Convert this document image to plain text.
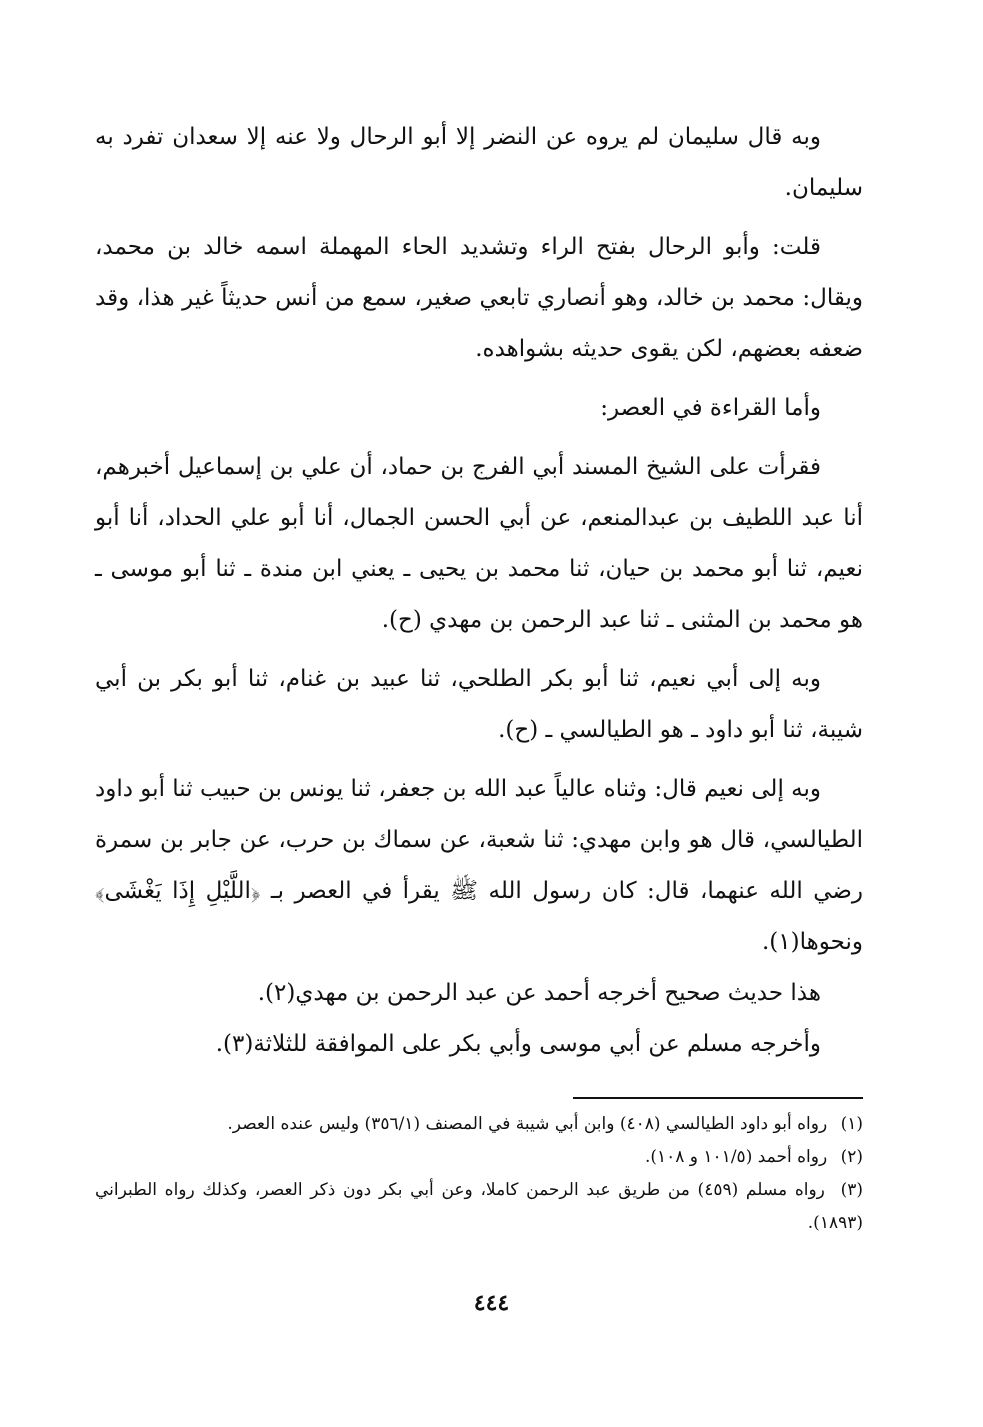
وبه قال سليمان لم يروه عن النضر إلا أبو الرحال ولا عنه إلا سعدان تفرد به سليمان.

قلت: وأبو الرحال بفتح الراء وتشديد الحاء المهملة اسمه خالد بن محمد، ويقال: محمد بن خالد، وهو أنصاري تابعي صغير، سمع من أنس حديثاً غير هذا، وقد ضعفه بعضهم، لكن يقوى حديثه بشواهده.

وأما القراءة في العصر:

فقرأت على الشيخ المسند أبي الفرج بن حماد، أن علي بن إسماعيل أخبرهم، أنا عبد اللطيف بن عبدالمنعم، عن أبي الحسن الجمال، أنا أبو علي الحداد، أنا أبو نعيم، ثنا أبو محمد بن حيان، ثنا محمد بن يحيى ـ يعني ابن مندة ـ ثنا أبو موسى ـ هو محمد بن المثنى ـ ثنا عبد الرحمن بن مهدي (ح).

وبه إلى أبي نعيم، ثنا أبو بكر الطلحي، ثنا عبيد بن غنام، ثنا أبو بكر بن أبي شيبة، ثنا أبو داود ـ هو الطيالسي ـ (ح).

وبه إلى نعيم قال: وثناه عالياً عبد الله بن جعفر، ثنا يونس بن حبيب ثنا أبو داود الطيالسي، قال هو وابن مهدي: ثنا شعبة، عن سماك بن حرب، عن جابر بن سمرة رضي الله عنهما، قال: كان رسول الله ﷺ يقرأ في العصر بـ ﴿اللَّيْلِ إِذَا يَغْشَى﴾ ونحوها(١).

هذا حديث صحيح أخرجه أحمد عن عبد الرحمن بن مهدي(٢).

وأخرجه مسلم عن أبي موسى وأبي بكر على الموافقة للثلاثة(٣).

(١) رواه أبو داود الطيالسي (٤٠٨) وابن أبي شيبة في المصنف (٣٥٦/١) وليس عنده العصر.

(٢) رواه أحمد (١٠١/٥ و ١٠٨).

(٣) رواه مسلم (٤٥٩) من طريق عبد الرحمن كاملا، وعن أبي بكر دون ذكر العصر، وكذلك رواه الطبراني (١٨٩٣).

٤٤٤
